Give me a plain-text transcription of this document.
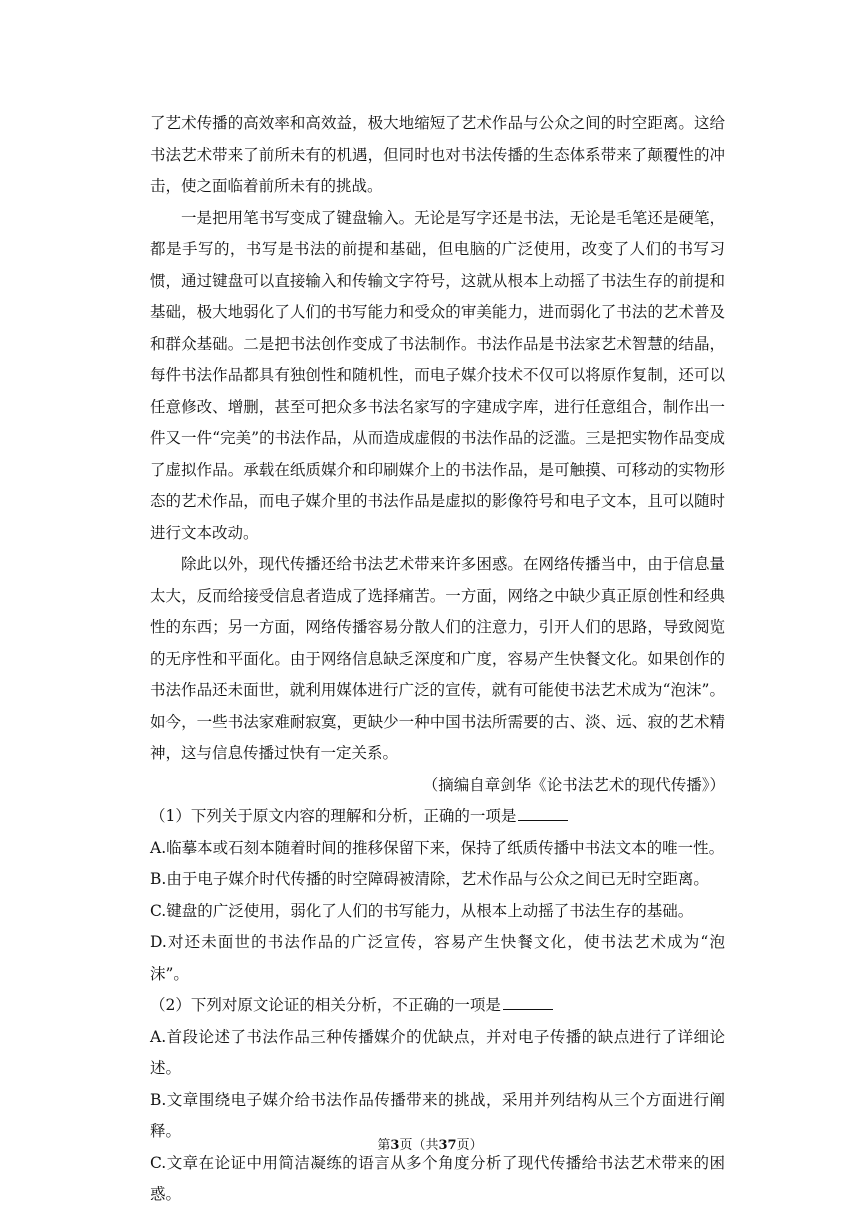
了艺术传播的高效率和高效益，极大地缩短了艺术作品与公众之间的时空距离。这给书法艺术带来了前所未有的机遇，但同时也对书法传播的生态体系带来了颠覆性的冲击，使之面临着前所未有的挑战。

一是把用笔书写变成了键盘输入。无论是写字还是书法，无论是毛笔还是硬笔，都是手写的，书写是书法的前提和基础，但电脑的广泛使用，改变了人们的书写习惯，通过键盘可以直接输入和传输文字符号，这就从根本上动摇了书法生存的前提和基础，极大地弱化了人们的书写能力和受众的审美能力，进而弱化了书法的艺术普及和群众基础。二是把书法创作变成了书法制作。书法作品是书法家艺术智慧的结晶，每件书法作品都具有独创性和随机性，而电子媒介技术不仅可以将原作复制，还可以任意修改、增删，甚至可把众多书法名家写的字建成字库，进行任意组合，制作出一件又一件“完美”的书法作品，从而造成虚假的书法作品的泛滥。三是把实物作品变成了虚拟作品。承载在纸质媒介和印刷媒介上的书法作品，是可触摸、可移动的实物形态的艺术作品，而电子媒介里的书法作品是虚拟的影像符号和电子文本，且可以随时进行文本改动。

除此以外，现代传播还给书法艺术带来许多困惑。在网络传播当中，由于信息量太大，反而给接受信息者造成了选择痛苦。一方面，网络之中缺少真正原创性和经典性的东西；另一方面，网络传播容易分散人们的注意力，引开人们的思路，导致阅览的无序性和平面化。由于网络信息缺乏深度和广度，容易产生快餐文化。如果创作的书法作品还未面世，就利用媒体进行广泛的宣传，就有可能使书法艺术成为“泡沫”。如今，一些书法家难耐寂寞，更缺少一种中国书法所需要的古、淡、远、寂的艺术精神，这与信息传播过快有一定关系。

（摘编自章剑华《论书法艺术的现代传播》）

（1）下列关于原文内容的理解和分析，正确的一项是

A.临摹本或石刻本随着时间的推移保留下来，保持了纸质传播中书法文本的唯一性。

B.由于电子媒介时代传播的时空障碍被清除，艺术作品与公众之间已无时空距离。

C.键盘的广泛使用，弱化了人们的书写能力，从根本上动摇了书法生存的基础。

D.对还未面世的书法作品的广泛宣传，容易产生快餐文化，使书法艺术成为“泡沫”。

（2）下列对原文论证的相关分析，不正确的一项是

A.首段论述了书法作品三种传播媒介的优缺点，并对电子传播的缺点进行了详细论述。

B.文章围绕电子媒介给书法作品传播带来的挑战，采用并列结构从三个方面进行阐释。

C.文章在论证中用简洁凝练的语言从多个角度分析了现代传播给书法艺术带来的困惑。

第3页（共37页）
